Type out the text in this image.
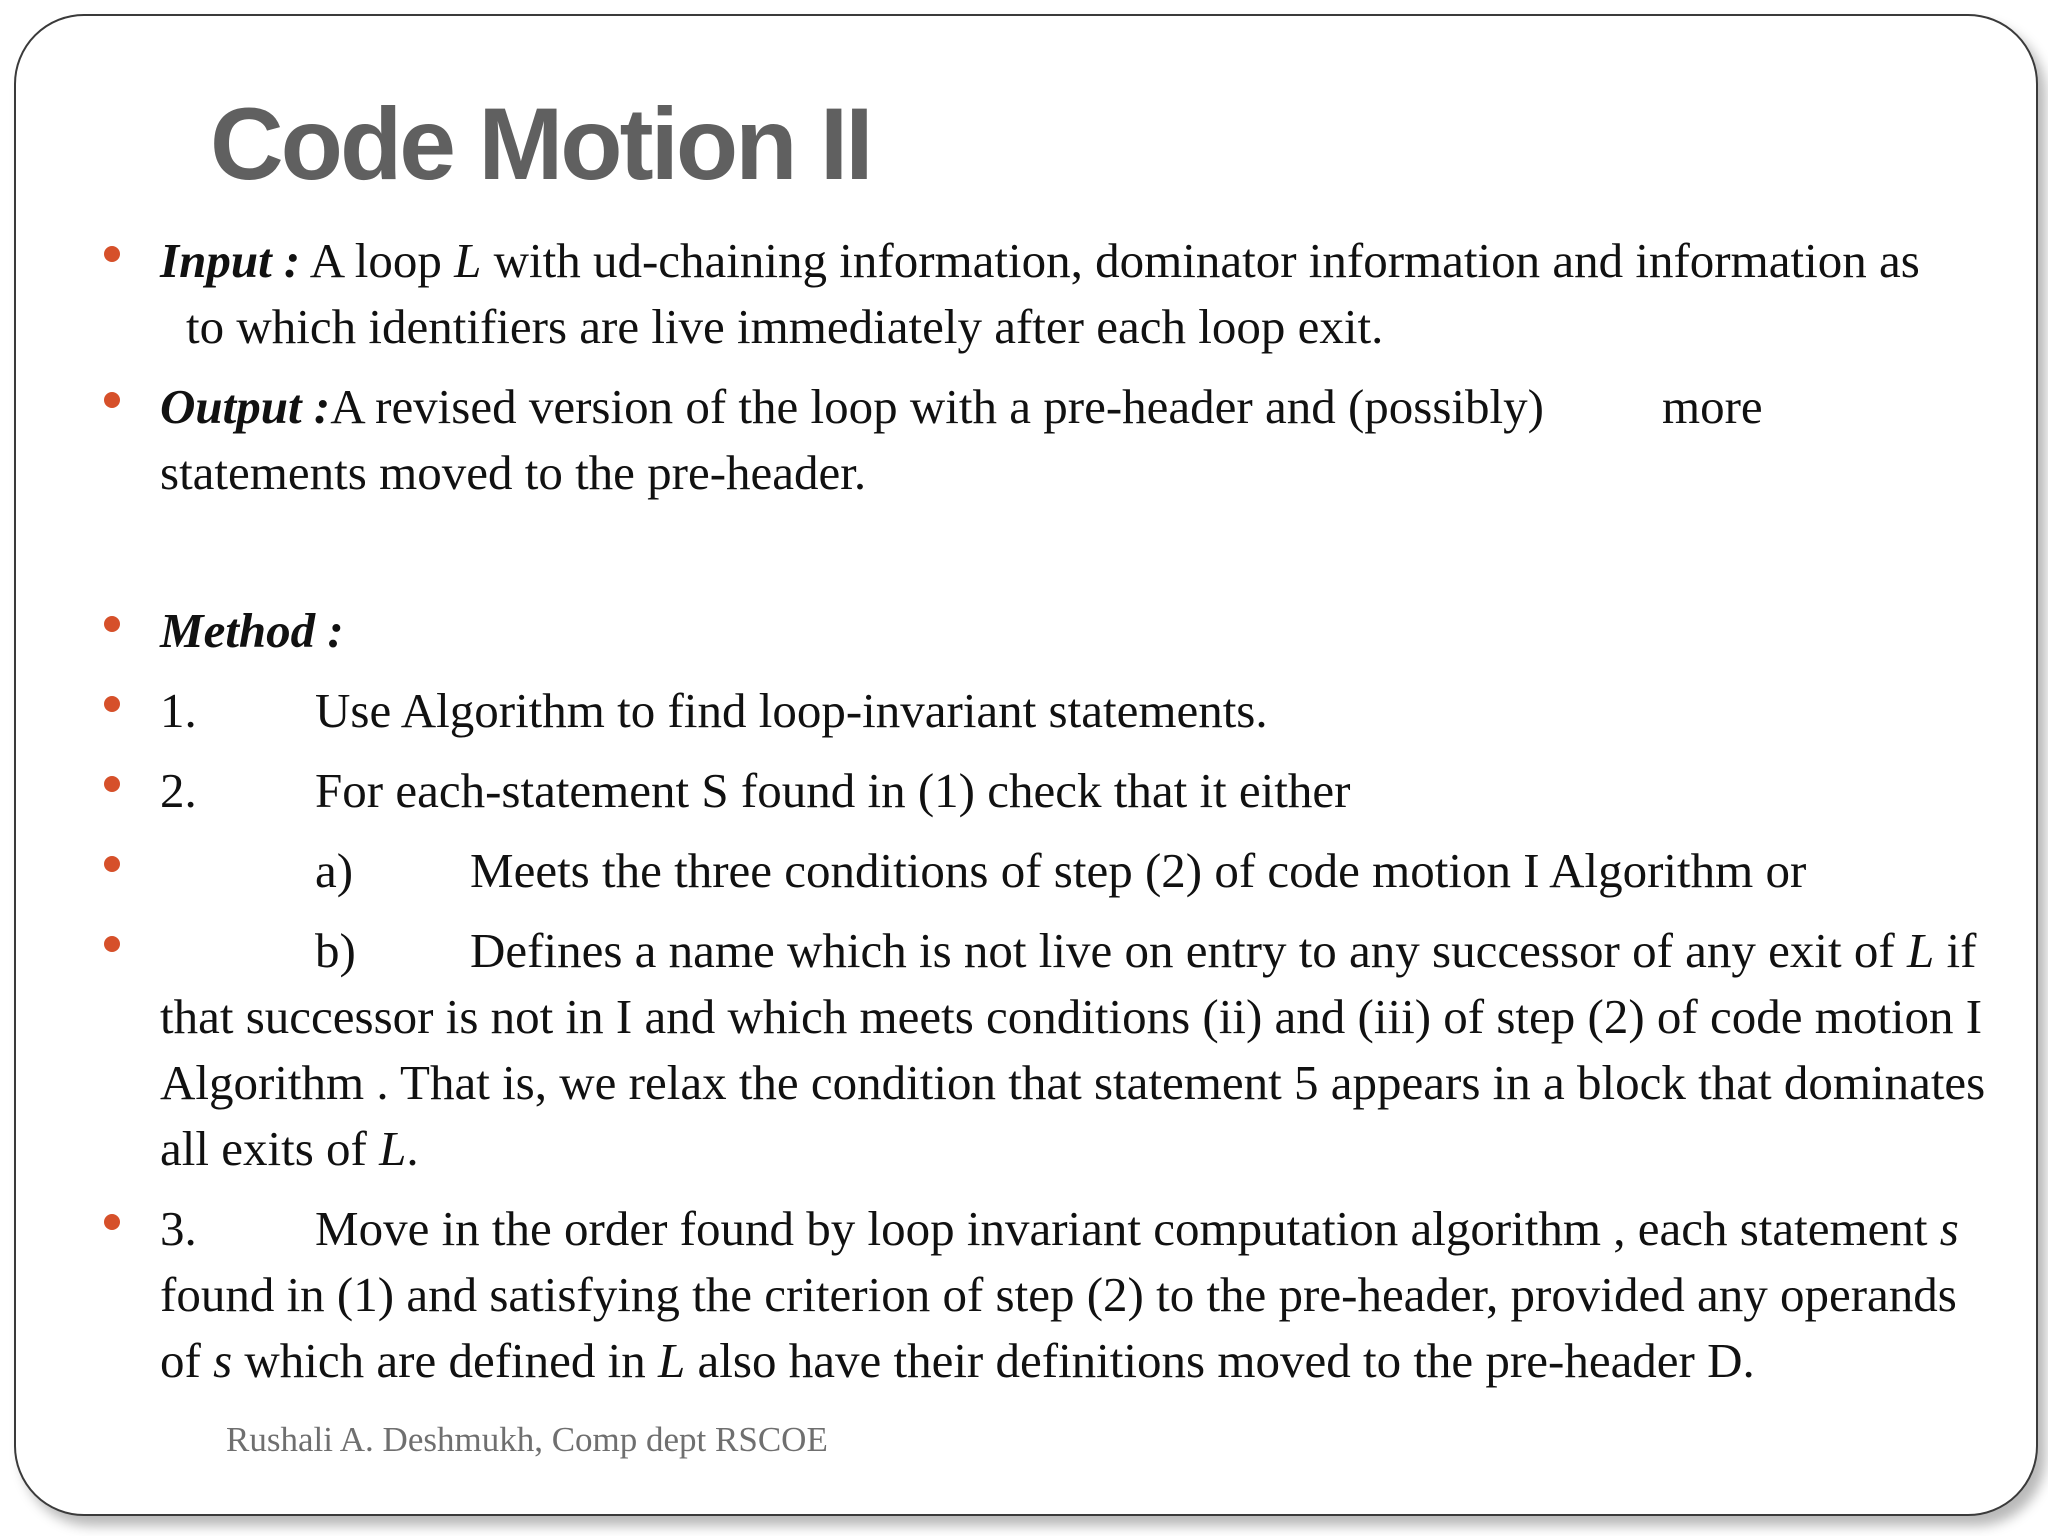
Code Motion II

Input : A loop L with ud-chaining information, dominator information and information as
to which identifiers are live immediately after each loop exit.

Output :A revised version of the loop with a pre-header and (possibly) more
statements moved to the pre-header.

Method :

1. Use Algorithm to find loop-invariant statements.

2. For each-statement S found in (1) check that it either

a) Meets the three conditions of step (2) of code motion I Algorithm or

b) Defines a name which is not live on entry to any successor of any exit of L if that successor is not in I and which meets conditions (ii) and (iii) of step (2) of code motion I Algorithm . That is, we relax the condition that statement 5 appears in a block that dominates all exits of L.

3. Move in the order found by loop invariant computation algorithm , each statement s found in (1) and satisfying the criterion of step (2) to the pre-header, provided any operands of s which are defined in L also have their definitions moved to the pre-header D.

Rushali A. Deshmukh, Comp dept RSCOE
